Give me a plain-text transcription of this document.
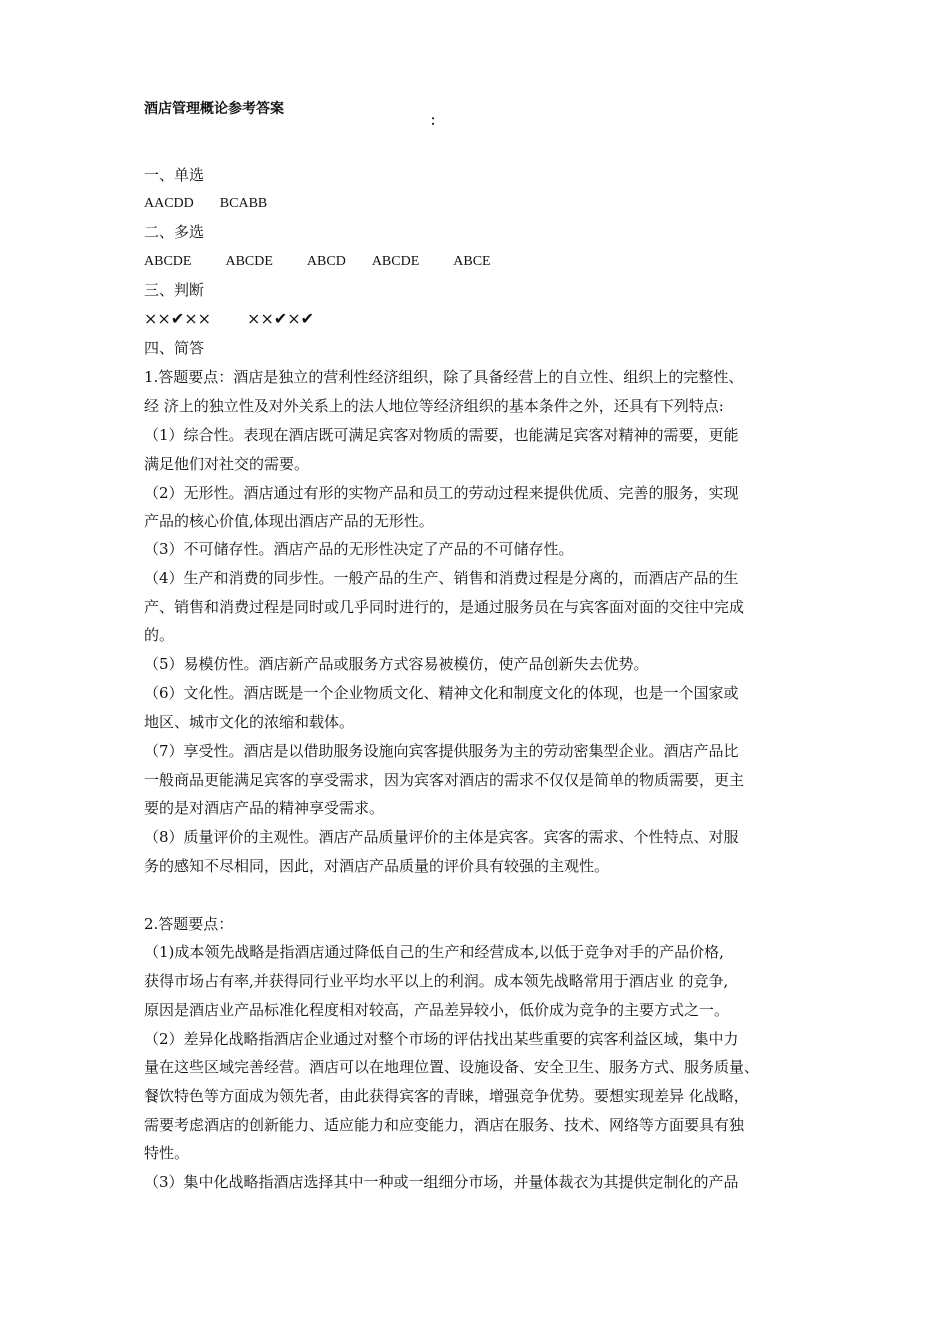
酒店管理概论参考答案
：
一、单选
AACDD BCABB
二、多选
ABCDE ABCDE ABCD ABCDE ABCE
三、判断
××✔×× ××✔×✔
四、简答
1.答题要点：酒店是独立的营利性经济组织，除了具备经营上的自立性、组织上的完整性、
经 济上的独立性及对外关系上的法人地位等经济组织的基本条件之外，还具有下列特点:
（1）综合性。表现在酒店既可满足宾客对物质的需要，也能满足宾客对精神的需要，更能
满足他们对社交的需要。
（2）无形性。酒店通过有形的实物产品和员工的劳动过程来提供优质、完善的服务，实现
产品的核心价值,体现出酒店产品的无形性。
（3）不可储存性。酒店产品的无形性决定了产品的不可储存性。
（4）生产和消费的同步性。一般产品的生产、销售和消费过程是分离的，而酒店产品的生
产、销售和消费过程是同时或几乎同时进行的，是通过服务员在与宾客面对面的交往中完成
的。
（5）易模仿性。酒店新产品或服务方式容易被模仿，使产品创新失去优势。
（6）文化性。酒店既是一个企业物质文化、精神文化和制度文化的体现，也是一个国家或
地区、城市文化的浓缩和载体。
（7）享受性。酒店是以借助服务设施向宾客提供服务为主的劳动密集型企业。酒店产品比
一般商品更能满足宾客的享受需求，因为宾客对酒店的需求不仅仅是简单的物质需要，更主
要的是对酒店产品的精神享受需求。
（8）质量评价的主观性。酒店产品质量评价的主体是宾客。宾客的需求、个性特点、对服
务的感知不尽相同，因此，对酒店产品质量的评价具有较强的主观性。
2.答题要点：
（1)成本领先战略是指酒店通过降低自己的生产和经营成本,以低于竞争对手的产品价格,
获得市场占有率,并获得同行业平均水平以上的利润。成本领先战略常用于酒店业 的竞争,
原因是酒店业产品标准化程度相对较高，产品差异较小，低价成为竞争的主要方式之一。
（2）差异化战略指酒店企业通过对整个市场的评估找出某些重要的宾客利益区域，集中力
量在这些区域完善经营。酒店可以在地理位置、设施设备、安全卫生、服务方式、服务质量、
餐饮特色等方面成为领先者，由此获得宾客的青睐，增强竞争优势。要想实现差异 化战略，
需要考虑酒店的创新能力、适应能力和应变能力，酒店在服务、技术、网络等方面要具有独
特性。
（3）集中化战略指酒店选择其中一种或一组细分市场，并量体裁衣为其提供定制化的产品
